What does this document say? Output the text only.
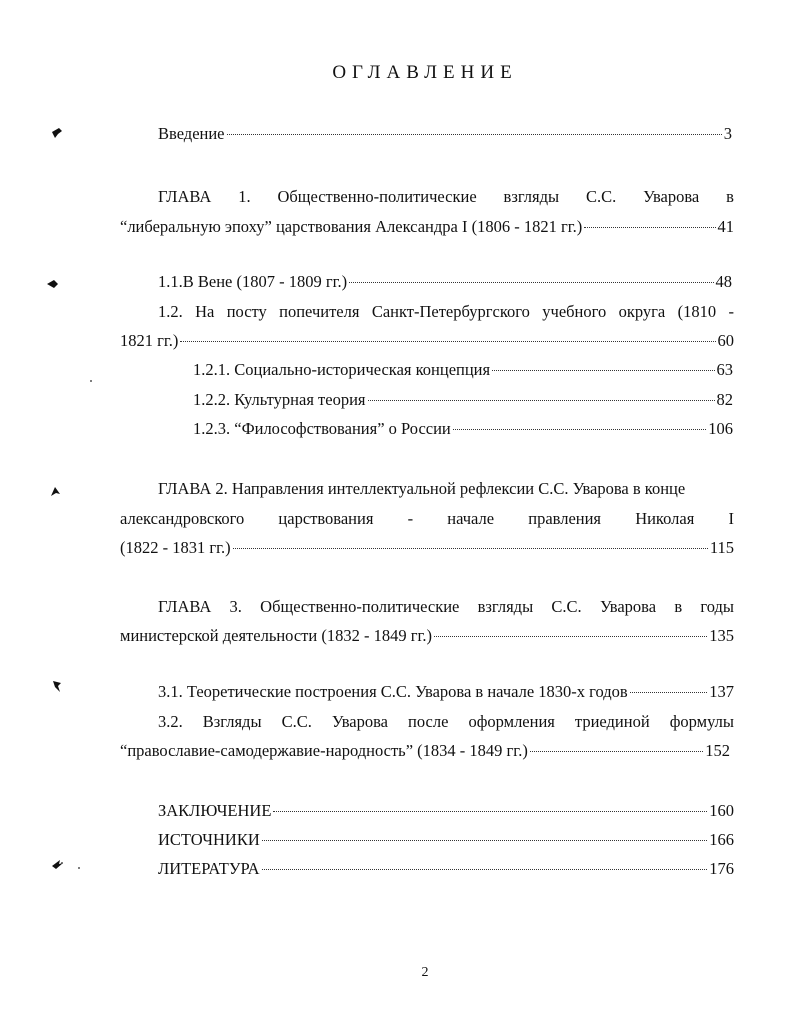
ОГЛАВЛЕНИЕ
Введение	3
ГЛАВА 1. Общественно-политические взгляды С.С. Уварова в
“либеральную эпоху” царствования Александра I (1806 - 1821 гг.)	41
1.1.В Вене (1807 - 1809 гг.)	48
1.2. На посту попечителя Санкт-Петербургского учебного округа (1810 -
1821 гг.)	60
1.2.1. Социально-историческая концепция	63
1.2.2. Культурная теория	82
1.2.3. “Философствования” о России	106
ГЛАВА 2. Направления интеллектуальной рефлексии С.С. Уварова в конце
александровского царствования - начале правления Николая I
(1822 - 1831 гг.)	115
ГЛАВА 3. Общественно-политические взгляды С.С. Уварова в годы
министерской деятельности (1832 - 1849 гг.)	135
3.1. Теоретические построения С.С. Уварова в начале 1830-х годов	137
3.2. Взгляды С.С. Уварова после оформления триединой формулы
“православие-самодержавие-народность” (1834 - 1849 гг.)	152
ЗАКЛЮЧЕНИЕ	160
ИСТОЧНИКИ	166
ЛИТЕРАТУРА	176
2
